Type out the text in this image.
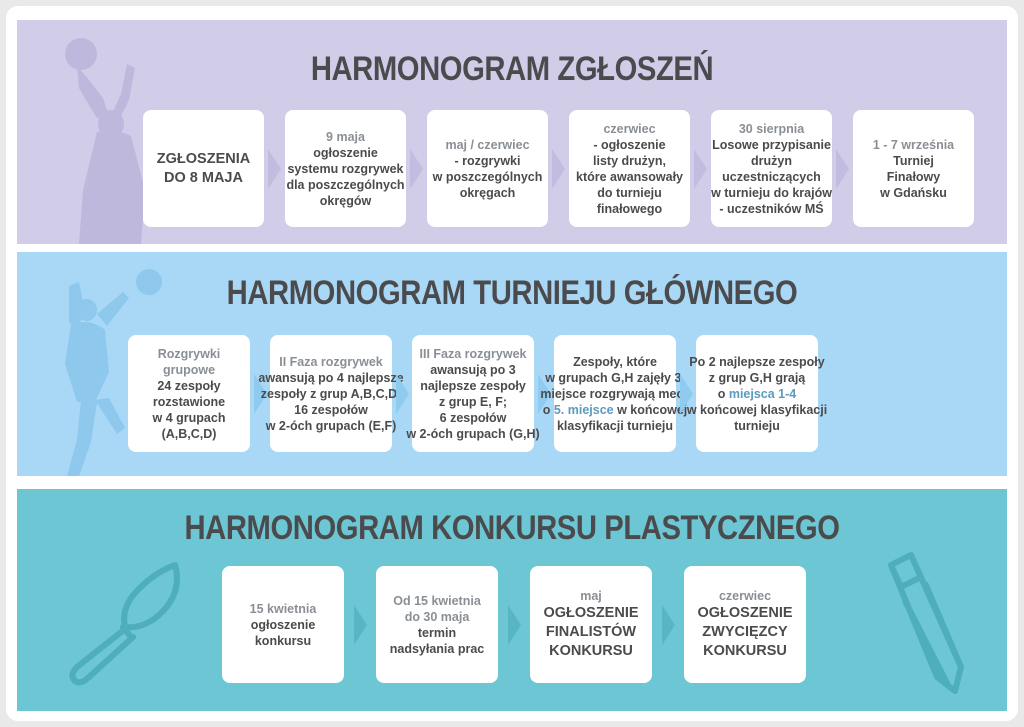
HARMONOGRAM ZGŁOSZEŃ
ZGŁOSZENIA
DO 8 MAJA
9 maja
ogłoszenie
systemu rozgrywek
dla poszczególnych
okręgów
maj / czerwiec
- rozgrywki
w poszczególnych
okręgach
czerwiec
- ogłoszenie
listy drużyn,
które awansowały
do turnieju
finałowego
30 sierpnia
Losowe przypisanie
drużyn
uczestniczących
w turnieju do krajów
- uczestników MŚ
1 - 7 września
Turniej
Finałowy
w Gdańsku
HARMONOGRAM TURNIEJU GŁÓWNEGO
Rozgrywki
grupowe
24 zespoły
rozstawione
w 4 grupach
(A,B,C,D)
II Faza rozgrywek
awansują po 4 najlepsze
zespoły z grup A,B,C,D;
16 zespołów
w 2-óch grupach (E,F)
III Faza rozgrywek
awansują po 3
najlepsze zespoły
z grup E, F;
6 zespołów
w 2-óch grupach (G,H)
Zespoły, które
w grupach G,H zajęły 3.
miejsce rozgrywają mecz
o 5. miejsce w końcowej
klasyfikacji turnieju
Po 2 najlepsze zespoły
z grup G,H grają
o miejsca 1-4
w końcowej klasyfikacji
turnieju
HARMONOGRAM KONKURSU PLASTYCZNEGO
15 kwietnia
ogłoszenie
konkursu
Od 15 kwietnia
do 30 maja
termin
nadsyłania prac
maj
OGŁOSZENIE
FINALISTÓW
KONKURSU
czerwiec
OGŁOSZENIE
ZWYCIĘZCY
KONKURSU
